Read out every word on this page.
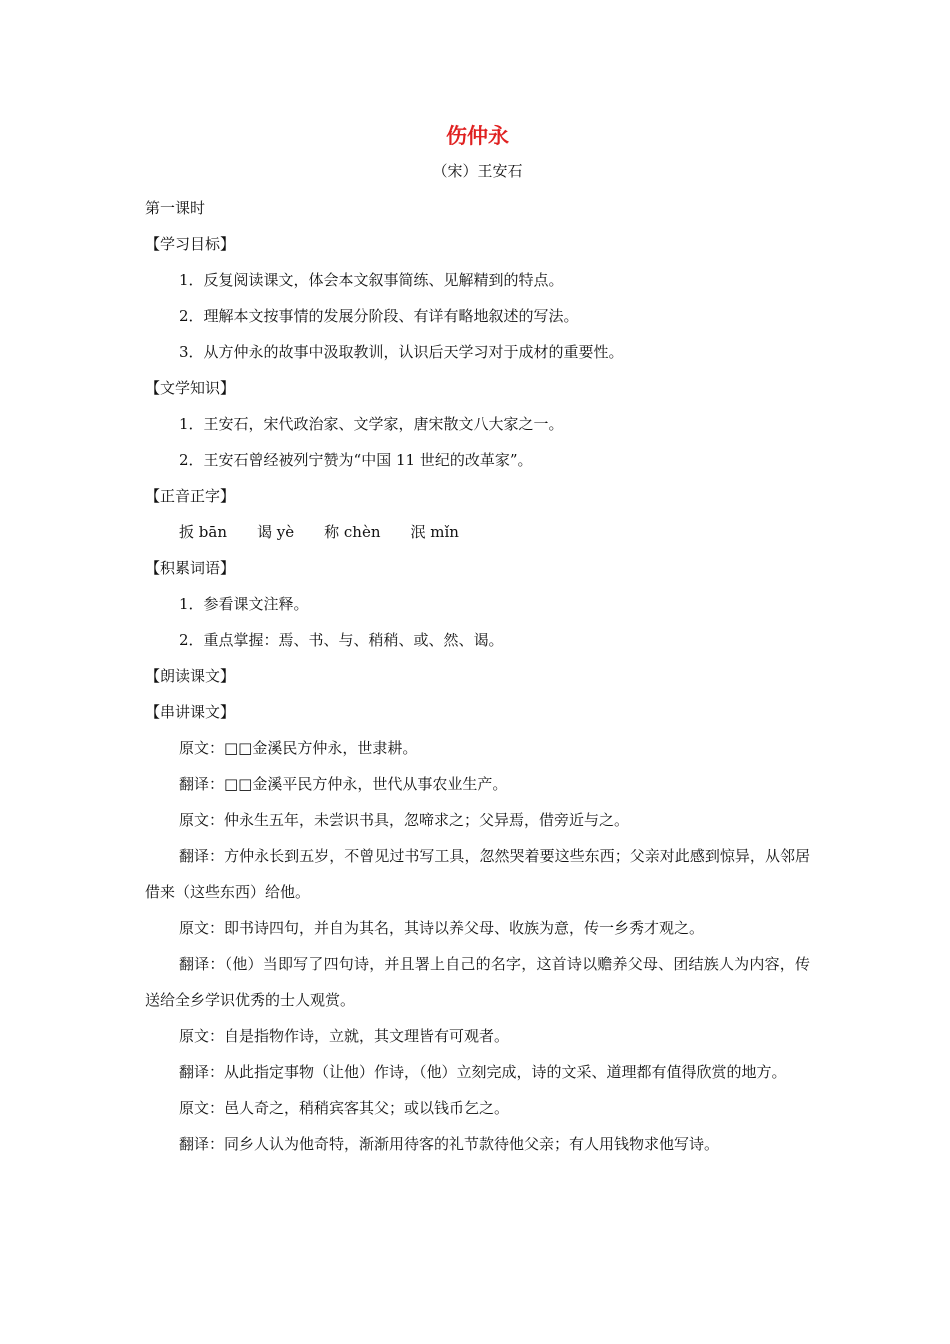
伤仲永

（宋）王安石

第一课时

【学习目标】

1．反复阅读课文，体会本文叙事简练、见解精到的特点。

2．理解本文按事情的发展分阶段、有详有略地叙述的写法。

3．从方仲永的故事中汲取教训，认识后天学习对于成材的重要性。

【文学知识】

1．王安石，宋代政治家、文学家，唐宋散文八大家之一。

2．王安石曾经被列宁赞为“中国 11 世纪的改革家”。

【正音正字】

扳 bān 谒 yè 称 chèn 泯 mǐn

【积累词语】

1．参看课文注释。

2．重点掌握：焉、书、与、稍稍、或、然、谒。

【朗读课文】

【串讲课文】

原文：□□金溪民方仲永，世隶耕。

翻译：□□金溪平民方仲永，世代从事农业生产。

原文：仲永生五年，未尝识书具，忽啼求之；父异焉，借旁近与之。

翻译：方仲永长到五岁，不曾见过书写工具，忽然哭着要这些东西；父亲对此感到惊异，从邻居借来（这些东西）给他。

原文：即书诗四句，并自为其名，其诗以养父母、收族为意，传一乡秀才观之。

翻译：（他）当即写了四句诗，并且署上自己的名字，这首诗以赡养父母、团结族人为内容，传送给全乡学识优秀的士人观赏。

原文：自是指物作诗，立就，其文理皆有可观者。

翻译：从此指定事物（让他）作诗，（他）立刻完成，诗的文采、道理都有值得欣赏的地方。

原文：邑人奇之，稍稍宾客其父；或以钱币乞之。

翻译：同乡人认为他奇特，渐渐用待客的礼节款待他父亲；有人用钱物求他写诗。
